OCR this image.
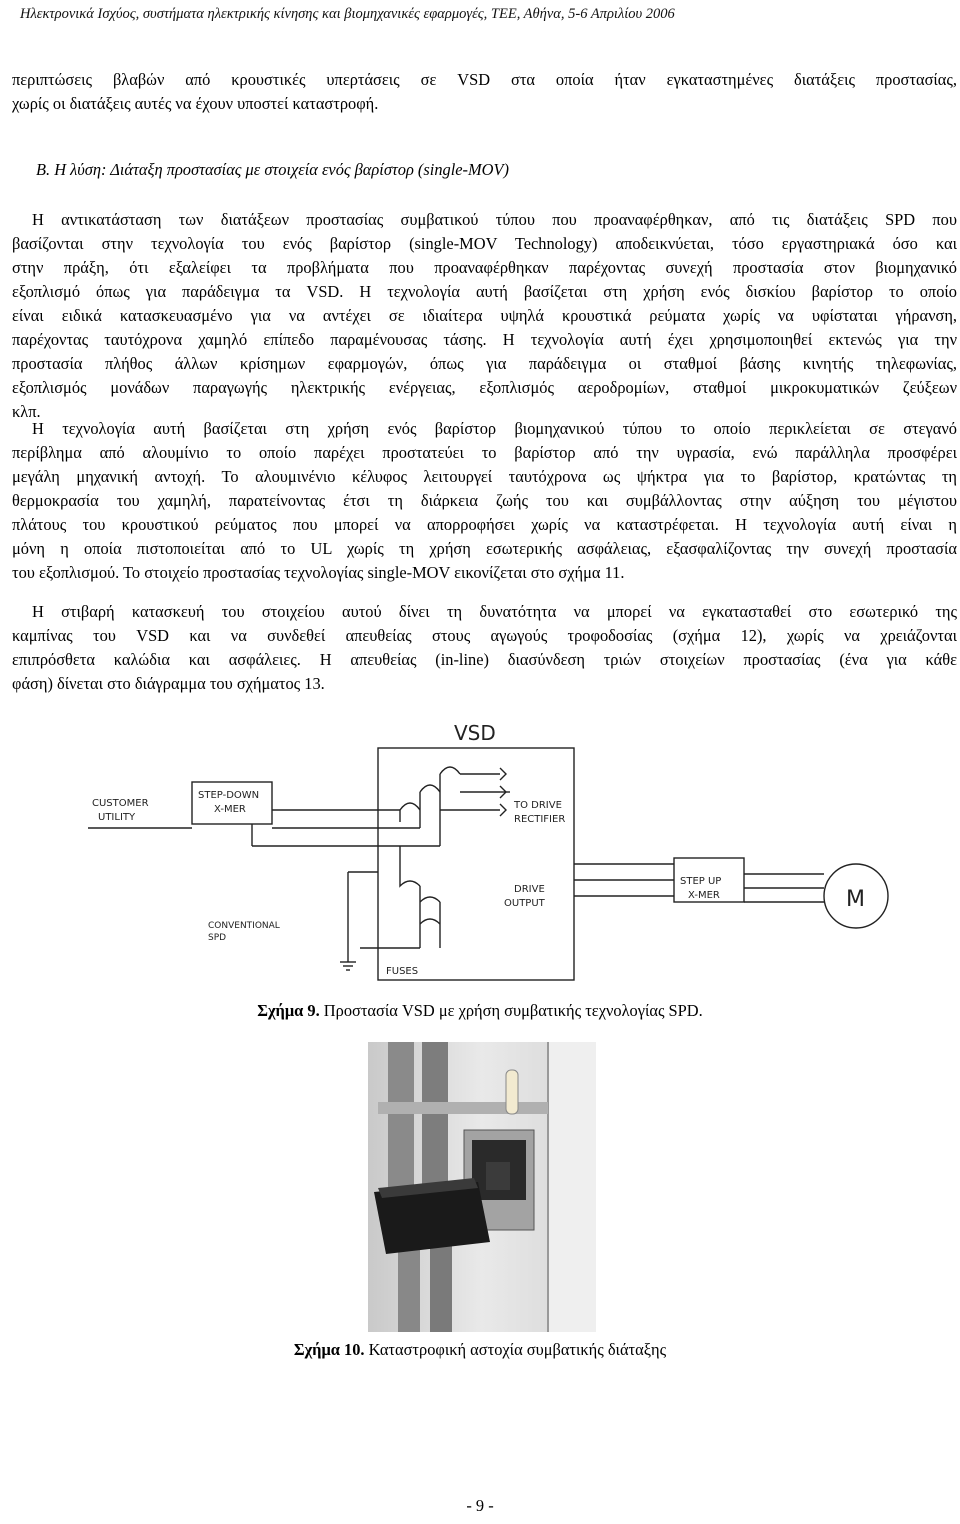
Ηλεκτρονικά Ισχύος, συστήματα ηλεκτρικής κίνησης και βιομηχανικές εφαρμογές, ΤΕΕ, Αθήνα, 5-6 Απριλίου 2006
περιπτώσεις βλαβών από κρουστικές υπερτάσεις σε VSD στα οποία ήταν εγκαταστημένες διατάξεις προστασίας,
χωρίς οι διατάξεις αυτές να έχουν υποστεί καταστροφή.
Β. Η λύση: Διάταξη προστασίας με στοιχεία ενός βαρίστορ (single-MOV)
Η αντικατάσταση των διατάξεων προστασίας συμβατικού τύπου που προαναφέρθηκαν, από τις διατάξεις SPD που
βασίζονται στην τεχνολογία του ενός βαρίστορ (single-MOV Technology) αποδεικνύεται, τόσο εργαστηριακά όσο και
στην πράξη, ότι εξαλείφει τα προβλήματα που προαναφέρθηκαν παρέχοντας συνεχή προστασία στον βιομηχανικό
εξοπλισμό όπως για παράδειγμα τα VSD. Η τεχνολογία αυτή βασίζεται στη χρήση ενός δισκίου βαρίστορ το οποίο
είναι ειδικά κατασκευασμένο για να αντέχει σε ιδιαίτερα υψηλά κρουστικά ρεύματα χωρίς να υφίσταται γήρανση,
παρέχοντας ταυτόχρονα χαμηλό επίπεδο παραμένουσας τάσης. Η τεχνολογία αυτή έχει χρησιμοποιηθεί εκτενώς για την
προστασία πλήθος άλλων κρίσημων εφαρμογών, όπως για παράδειγμα οι σταθμοί βάσης κινητής τηλεφωνίας,
εξοπλισμός μονάδων παραγωγής ηλεκτρικής ενέργειας, εξοπλισμός αεροδρομίων, σταθμοί μικροκυματικών ζεύξεων
κλπ.
Η τεχνολογία αυτή βασίζεται στη χρήση ενός βαρίστορ βιομηχανικού τύπου το οποίο περικλείεται σε στεγανό
περίβλημα από αλουμίνιο το οποίο παρέχει προστατεύει το βαρίστορ από την υγρασία, ενώ παράλληλα προσφέρει
μεγάλη μηχανική αντοχή. Το αλουμινένιο κέλυφος λειτουργεί ταυτόχρονα ως ψήκτρα για το βαρίστορ, κρατώντας τη
θερμοκρασία του χαμηλή, παρατείνοντας έτσι τη διάρκεια ζωής του και συμβάλλοντας στην αύξηση του μέγιστου
πλάτους του κρουστικού ρεύματος που μπορεί να απορροφήσει χωρίς να καταστρέφεται. Η τεχνολογία αυτή είναι η
μόνη η οποία πιστοποιείται από το UL χωρίς τη χρήση εσωτερικής ασφάλειας, εξασφαλίζοντας την συνεχή προστασία
του εξοπλισμού. Το στοιχείο προστασίας τεχνολογίας single-MOV εικονίζεται στο σχήμα 11.
Η στιβαρή κατασκευή του στοιχείου αυτού δίνει τη δυνατότητα να μπορεί να εγκατασταθεί στο εσωτερικό της
καμπίνας του VSD και να συνδεθεί απευθείας στους αγωγούς τροφοδοσίας (σχήμα 12), χωρίς να χρειάζονται
επιπρόσθετα καλώδια και ασφάλειες. Η απευθείας (in-line) διασύνδεση τριών στοιχείων προστασίας (ένα για κάθε
φάση) δίνεται στο διάγραμμα του σχήματος 13.
VSD
CUSTOMER
UTILITY
STEP-DOWN
X-MER	TO DRIVE
RECTIFIER
DRIVE
OUTPUT
STEP UP
X-MER	M
CONVENTIONAL
SPD
FUSES
Σχήμα 9. Προστασία VSD με χρήση συμβατικής τεχνολογίας SPD.
Σχήμα 10. Καταστροφική αστοχία συμβατικής διάταξης
- 9 -
